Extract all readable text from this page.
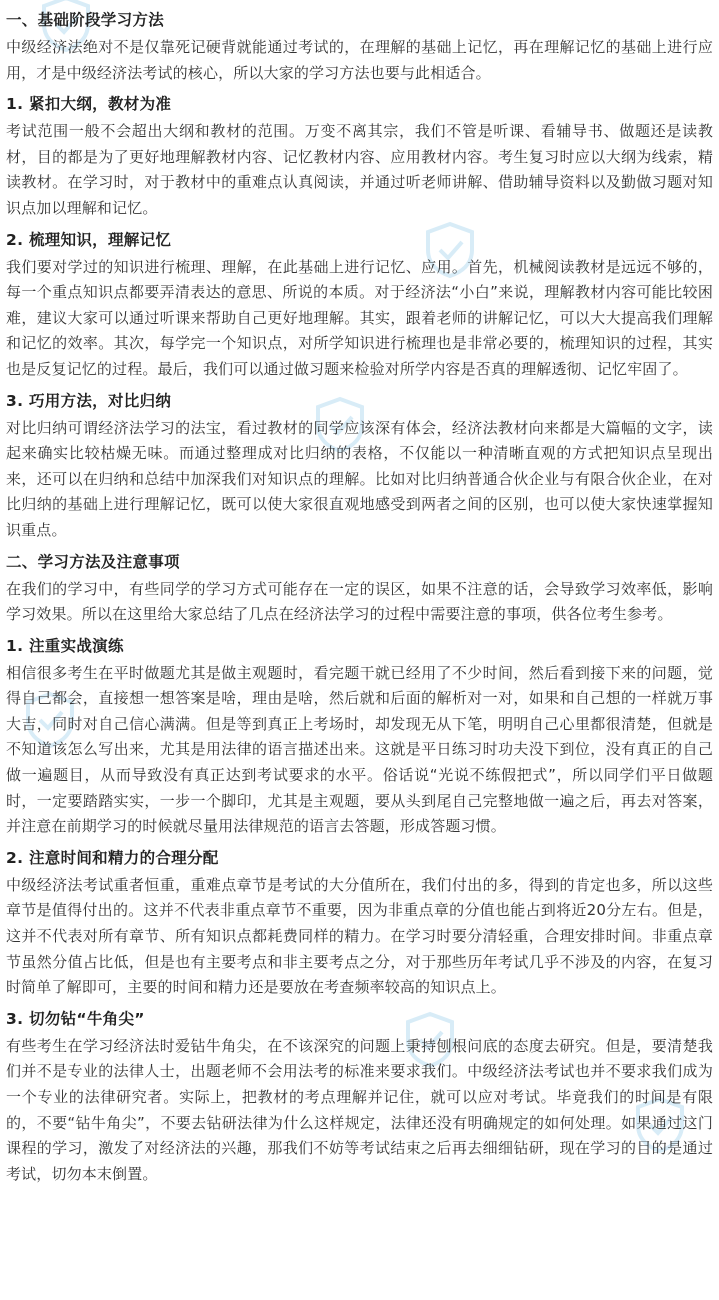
一、基础阶段学习方法

中级经济法绝对不是仅靠死记硬背就能通过考试的，在理解的基础上记忆，再在理解记忆的基础上进行应用，才是中级经济法考试的核心，所以大家的学习方法也要与此相适合。

1. 紧扣大纲，教材为准

考试范围一般不会超出大纲和教材的范围。万变不离其宗，我们不管是听课、看辅导书、做题还是读教材，目的都是为了更好地理解教材内容、记忆教材内容、应用教材内容。考生复习时应以大纲为线索，精读教材。在学习时，对于教材中的重难点认真阅读，并通过听老师讲解、借助辅导资料以及勤做习题对知识点加以理解和记忆。

2. 梳理知识，理解记忆

我们要对学过的知识进行梳理、理解，在此基础上进行记忆、应用。首先，机械阅读教材是远远不够的，每一个重点知识点都要弄清表达的意思、所说的本质。对于经济法“小白”来说，理解教材内容可能比较困难，建议大家可以通过听课来帮助自己更好地理解。其实，跟着老师的讲解记忆，可以大大提高我们理解和记忆的效率。其次，每学完一个知识点，对所学知识进行梳理也是非常必要的，梳理知识的过程，其实也是反复记忆的过程。最后，我们可以通过做习题来检验对所学内容是否真的理解透彻、记忆牢固了。

3. 巧用方法，对比归纳

对比归纳可谓经济法学习的法宝，看过教材的同学应该深有体会，经济法教材向来都是大篇幅的文字，读起来确实比较枯燥无味。而通过整理成对比归纳的表格，不仅能以一种清晰直观的方式把知识点呈现出来，还可以在归纳和总结中加深我们对知识点的理解。比如对比归纳普通合伙企业与有限合伙企业，在对比归纳的基础上进行理解记忆，既可以使大家很直观地感受到两者之间的区别，也可以使大家快速掌握知识重点。

二、学习方法及注意事项

在我们的学习中，有些同学的学习方式可能存在一定的误区，如果不注意的话，会导致学习效率低，影响学习效果。所以在这里给大家总结了几点在经济法学习的过程中需要注意的事项，供各位考生参考。

1. 注重实战演练

相信很多考生在平时做题尤其是做主观题时，看完题干就已经用了不少时间，然后看到接下来的问题，觉得自己都会，直接想一想答案是啥，理由是啥，然后就和后面的解析对一对，如果和自己想的一样就万事大吉，同时对自己信心满满。但是等到真正上考场时，却发现无从下笔，明明自己心里都很清楚，但就是不知道该怎么写出来，尤其是用法律的语言描述出来。这就是平日练习时功夫没下到位，没有真正的自己做一遍题目，从而导致没有真正达到考试要求的水平。俗话说“光说不练假把式”，所以同学们平日做题时，一定要踏踏实实，一步一个脚印，尤其是主观题，要从头到尾自己完整地做一遍之后，再去对答案，并注意在前期学习的时候就尽量用法律规范的语言去答题，形成答题习惯。

2. 注意时间和精力的合理分配

中级经济法考试重者恒重，重难点章节是考试的大分值所在，我们付出的多，得到的肯定也多，所以这些章节是值得付出的。这并不代表非重点章节不重要，因为非重点章的分值也能占到将近20分左右。但是，这并不代表对所有章节、所有知识点都耗费同样的精力。在学习时要分清轻重，合理安排时间。非重点章节虽然分值占比低，但是也有主要考点和非主要考点之分，对于那些历年考试几乎不涉及的内容，在复习时简单了解即可，主要的时间和精力还是要放在考查频率较高的知识点上。

3. 切勿钻“牛角尖”

有些考生在学习经济法时爱钻牛角尖，在不该深究的问题上秉持刨根问底的态度去研究。但是，要清楚我们并不是专业的法律人士，出题老师不会用法考的标准来要求我们。中级经济法考试也并不要求我们成为一个专业的法律研究者。实际上，把教材的考点理解并记住，就可以应对考试。毕竟我们的时间是有限的，不要“钻牛角尖”，不要去钻研法律为什么这样规定，法律还没有明确规定的如何处理。如果通过这门课程的学习，激发了对经济法的兴趣，那我们不妨等考试结束之后再去细细钻研，现在学习的目的是通过考试，切勿本末倒置。
